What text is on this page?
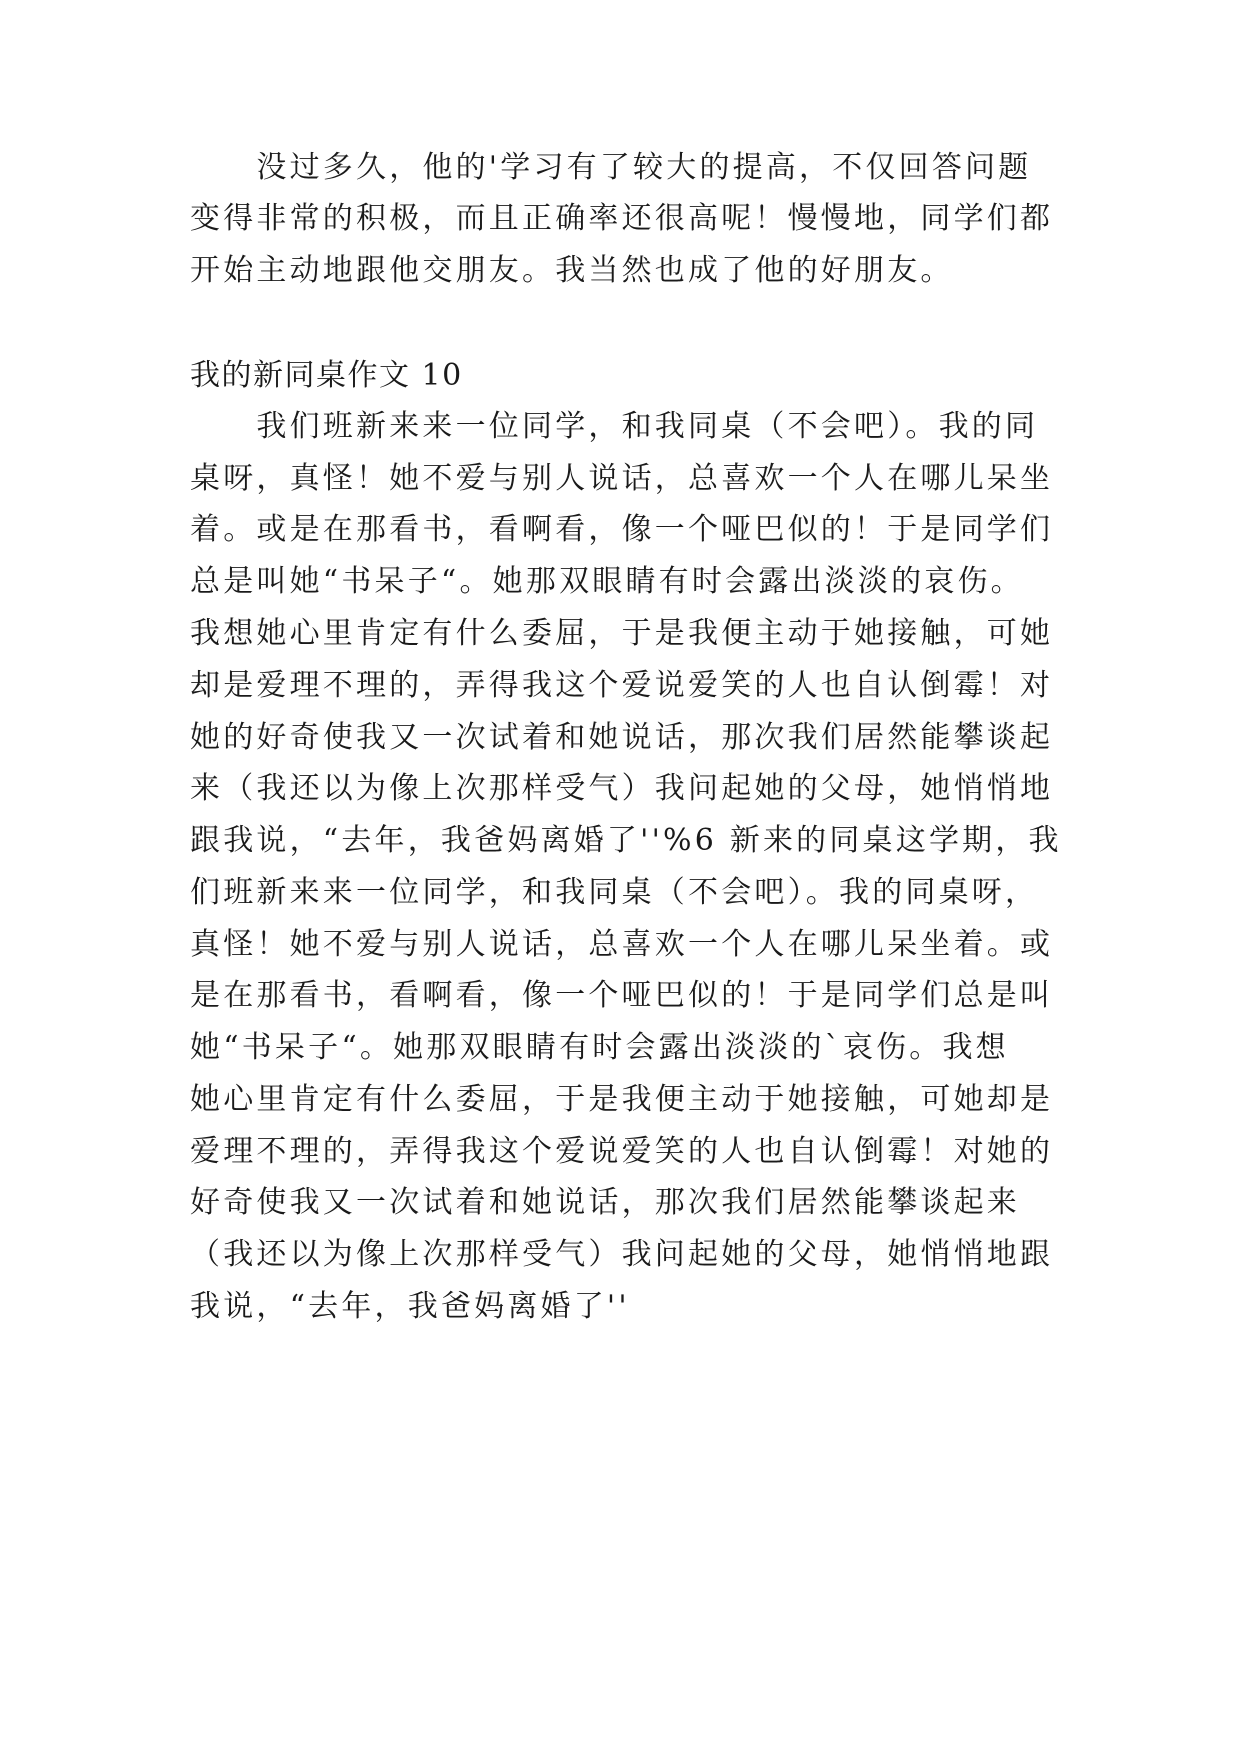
　　没过多久，他的'学习有了较大的提高，不仅回答问题
变得非常的积极，而且正确率还很高呢！慢慢地，同学们都
开始主动地跟他交朋友。我当然也成了他的好朋友。
我的新同桌作文 10
　　我们班新来来一位同学，和我同桌（不会吧）。我的同
桌呀，真怪！她不爱与别人说话，总喜欢一个人在哪儿呆坐
着。或是在那看书，看啊看，像一个哑巴似的！于是同学们
总是叫她“书呆子“。她那双眼睛有时会露出淡淡的哀伤。
我想她心里肯定有什么委屈，于是我便主动于她接触，可她
却是爱理不理的，弄得我这个爱说爱笑的人也自认倒霉！对
她的好奇使我又一次试着和她说话，那次我们居然能攀谈起
来（我还以为像上次那样受气）我问起她的父母，她悄悄地
跟我说，“去年，我爸妈离婚了''%6 新来的同桌这学期，我
们班新来来一位同学，和我同桌（不会吧）。我的同桌呀，
真怪！她不爱与别人说话，总喜欢一个人在哪儿呆坐着。或
是在那看书，看啊看，像一个哑巴似的！于是同学们总是叫
她“书呆子“。她那双眼睛有时会露出淡淡的`哀伤。我想
她心里肯定有什么委屈，于是我便主动于她接触，可她却是
爱理不理的，弄得我这个爱说爱笑的人也自认倒霉！对她的
好奇使我又一次试着和她说话，那次我们居然能攀谈起来
（我还以为像上次那样受气）我问起她的父母，她悄悄地跟
我说，“去年，我爸妈离婚了''
